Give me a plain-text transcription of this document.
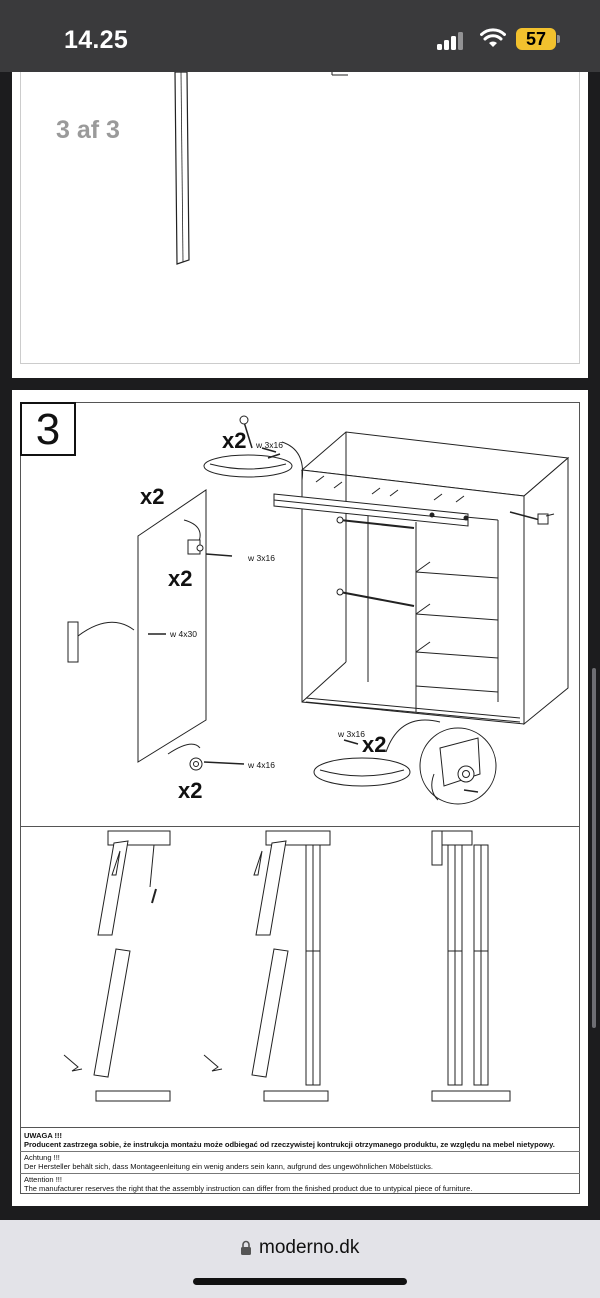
14.25	57
3 af 3
3	x2 w 3x16
x2
x2
w 3x16
w 4x30
w 4x16
x2
w 3x16
x2
UWAGA !!!
Producent zastrzega sobie, że instrukcja montażu może odbiegać od rzeczywistej kontrukcji otrzymanego produktu, ze względu na mebel nietypowy.
Achtung !!!
Der Hersteller behält sich, dass Montageenleitung ein wenig anders sein kann, aufgrund des ungewöhnlichen Möbelstücks.
Attention !!!
The manufacturer reserves the right that the assembly instruction can differ from the finished product due to untypical piece of furniture.
moderno.dk
